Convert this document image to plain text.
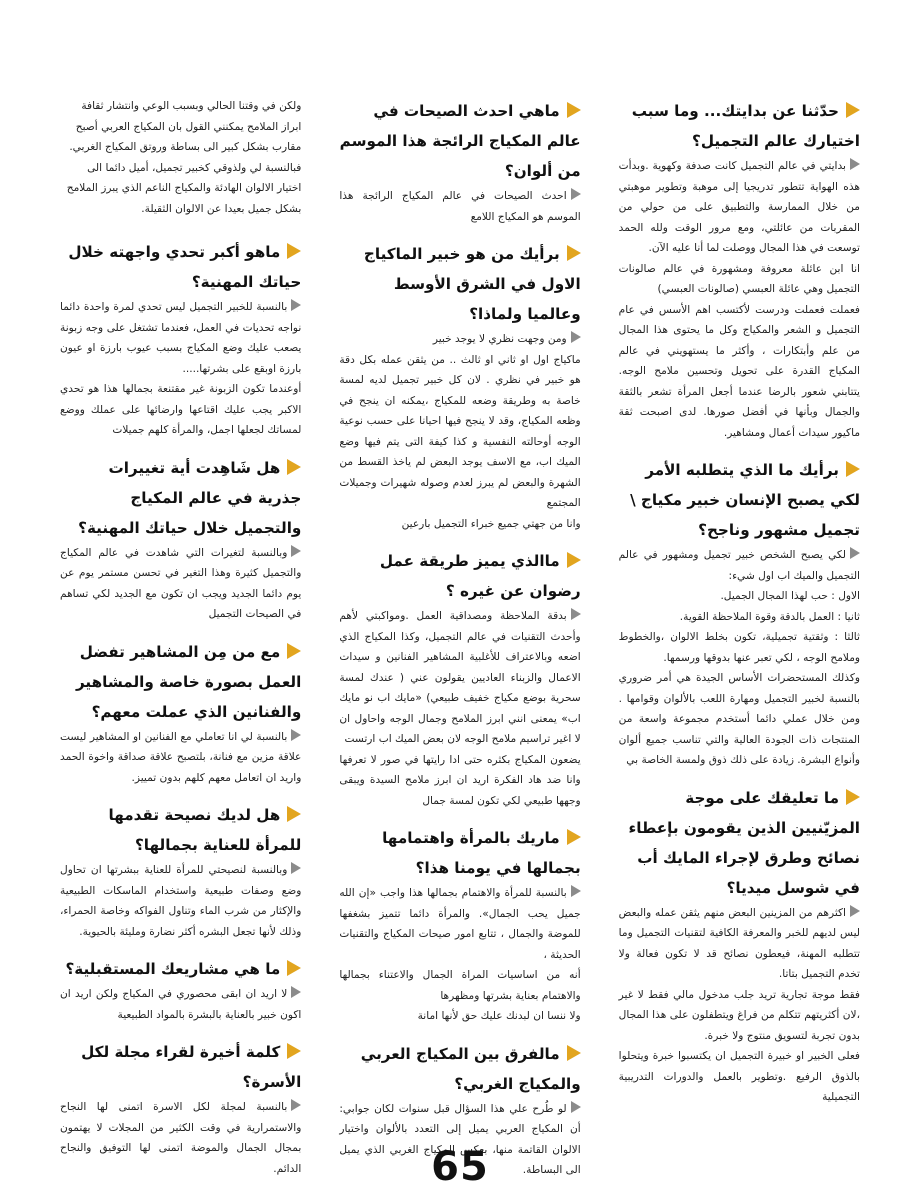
حدّثنا عن بدايتك... وما سبب اختيارك عالم التجميل؟

بدايتي في عالم التجميل كانت صدفة وكهوية .وبدأت هذه الهواية تتطور تدريجيا إلى موهبة وتطوير موهبتي من خلال الممارسة والتطبيق على من حولي من المقربات من عائلتي، ومع مرور الوقت ولله الحمد توسعت في هذا المجال ووصلت لما أنا عليه الآن.
انا ابن عائلة معروفة ومشهورة في عالم صالونات التجميل وهي عائلة العبسي (صالونات العبسي)
فعملت فعملت ودرست لأكتسب اهم الأسس في عام التجميل و الشعر والمكياج وكل ما يحتوى هذا المجال من علم وأبتكارات ، وأكثر ما يستهويني في عالم المكياج القدرة على تحويل وتحسين ملامح الوجه. يتتابني شعور بالرضا عندما أجعل المرأة تشعر بالثقة والجمال وبأنها في أفضل صورها. لدى اصبحت ثقة ماكيور سيدات أعمال ومشاهير.

برأيك ما الذي يتطلبه الأمر لكي يصبح الإنسان خبير مكياج \ تجميل مشهور وناجح؟

لكي يصبح الشخص خبير تجميل ومشهور في عالم التجميل والميك اب اول شيء:
الاول : حب لهذا المجال الجميل.
ثانيا : العمل بالدقة وقوة الملاحظة القوية.
ثالثا : وثقتية تجميلية، تكون بخلط الالوان ،والخطوط وملامح الوجه ، لكي تعبر عنها بدوقها ورسمها.
وكذلك المستحضرات الأساس الجيدة هي أمر ضروري بالنسبة لخبير التجميل ومهارة اللعب بالألوان وقوامها . ومن خلال عملي دائما أستخدم مجموعة واسعة من المنتجات ذات الجودة العالية والتي تناسب جميع ألوان وأنواع البشرة. زيادة على ذلك ذوق ولمسة الخاصة بي

ما تعليقك على موجة المزيّنيين الذين يقومون بإعطاء نصائح وطرق لإجراء المايك أب في شوسل ميديا؟

اكثرهم من المزينين البعض منهم يثقن عمله والبعض ليس لديهم للخبر والمعرفة الكافية لتقنيات التجميل وما تتطلبه المهنة، فيعطون نصائح قد لا تكون فعالة ولا تخدم التجميل بتاتا.
فقط موجة تجارية تريد جلب مدخول مالي فقط لا غير ،لان أكثريتهم تتكلم من فراغ ويتطفلون على هذا المجال بدون تجربة لتسويق منتوج ولا خبرة.
فعلى الخبير او خبيرة التجميل ان يكتسبوا خبرة ويتحلوا بالذوق الرفيع .وتطوير بالعمل والدورات التدريبية التجميلية

ماهي احدث الصيحات في عالم المكياج الرائجة هذا الموسم من ألوان؟

احدث الصيحات في عالم المكياج الرائجة هذا الموسم هو المكياج اللامع

برأيك من هو خبير الماكياج الاول في الشرق الأوسط وعالميا ولماذا؟

ومن وجهت نظري لا يوجد خبير
ماكياج اول او ثاني او ثالث .. من يثقن عمله بكل دقة هو خبير في نظري . لان كل خبير تجميل لديه لمسة خاصة به وطريقة وضعه للمكياج ،يمكنه ان ينجح في وظعه المكياج، وقد لا ينجح فيها احيانا على حسب نوعية الوجه أوحالته النفسية و كذا كيفة التى يتم فيها وضع الميك اب، مع الاسف يوجد البعض لم ياخذ القسط من الشهرة والبعض لم يبرز لعدم وصوله شهيرات وجميلات المجتمع
وانا من جهتي جميع خبراء التجميل بارعين

ماالذي يميز طريقة عمل رضوان عن غيره ؟

بدقة الملاحظة ومصداقية العمل .ومواكبتي لأهم وأحدث التقنيات في عالم التجميل، وكذا المكياج الذي اضعه وبالاعتراف للأغلبية المشاهير الفنانين و سيدات الاعمال والزبناء العاديين يقولون عني ( عندك لمسة سحرية بوضع مكياج خفيف طبيعي) «مايك اب نو مايك اب» يمعنى انني ابرز الملامح وجمال الوجه واحاول ان لا اغير تراسيم ملامح الوجه لان بعض الميك اب ارتست
يضعون المكياج بكثره حتى ادا رايتها في صور لا تعرفها وانا ضد هاد الفكرة اريد ان ابرز ملامح السيدة ويبقى وجهها طبيعي لكي تكون لمسة جمال

ماريك بالمرأة واهتمامها بجمالها في يومنا هذا؟

بالنسبة للمرأة والاهتمام بجمالها هذا واجب «إن الله جميل يحب الجمال». والمرأة دائما تتميز بشغفها للموضة والجمال ، تتابع امور صيحات المكياج والتقنيات الحديثة ،
أنه من اساسيات المراة الجمال والاعتناء بجمالها والاهتمام بعناية بشرتها ومظهرها
ولا ننسا ان لبدنك عليك حق لأنها امانة

مالفرق بين المكياج العربي والمكياج الغربي؟

لو طُرح علي هذا السؤال قبل سنوات لكان جوابي: أن المكياج العربي يميل إلى التعدد بالألوان واختيار الالوان القاتمة منها، بعكس المكياج الغربي الذي يميل الى البساطة.

ولكن في وقتنا الحالي وبسبب الوعي وانتشار ثقافة ابراز الملامح يمكنني القول بان المكياج العربي أصبح مقارب بشكل كبير الى بساطة وروتق المكياج الغربي. فبالنسبة لي ولذوقي كخبير تجميل، أميل دائما الى اختيار الالوان الهادئة والمكياج الناعم الذي يبرز الملامح بشكل جميل بعيدا عن الالوان الثقيلة.

ماهو أكبر تحدي واجهته خلال حياتك المهنية؟

بالنسبة للخبير التجميل ليس تحدي لمرة واحدة دائما نواجه تحديات في العمل، فعندما تشتغل على وجه زبونة يصعب عليك وضع المكياج بسبب عيوب بارزة او عيون بارزة اوبقع على بشرتها.....
أوعندما تكون الزبونة غير مقتنعة بجمالها هذا هو تحدي الاكبر يجب عليك اقتاعها وارضائها على عملك ووضع لمساتك لجعلها اجمل، والمرأة كلهم جميلات

هل شَاهِدت أية تغييرات جذرية في عالم المكياج والتجميل خلال حياتك المهنية؟

وبالنسبة لتغيرات التي شاهدت في عالم المكياج والتجميل كثيرة وهذا التغير في تحسن مستمر يوم عن يوم دائما الجديد ويجب ان تكون مع الجديد لكي تساهم في الصيحات التجميل

مع من مِن المشاهير تفضل العمل بصورة خاصة والمشاهير والفنانين الذي عملت معهم؟

بالنسبة لي انا تعاملي مع الفنانين او المشاهير ليست علاقة مزين مع فنانة، بلتصبح علاقة صداقة واخوة الحمد واريد ان اتعامل معهم كلهم بدون تمييز.

هل لديك نصيحة تقدمها للمرأة للعناية بجمالها؟

وبالنسبة لنصيحتي للمرأة للعناية ببشرتها ان تحاول وضع وصفات طبيعية واستخدام الماسكات الطبيعية والإكثار من شرب الماء وتناول الفواكه وخاصة الحمراء، وذلك لأنها تجعل البشره أكثر نضارة ومليئة بالحيوية.

ما هي مشاريعك المستقبلية؟

لا اريد ان ابقى محصوري في المكياج ولكن اريد ان اكون خبير بالعناية بالبشرة بالمواد الطبيعية

كلمة أخيرة لقراء مجلة لكل الأسرة؟

بالنسبة لمجلة لكل الاسرة اتمنى لها النجاح والاستمرارية في وقت الكثير من المجلات لا يهتمون بمجال الجمال والموضة اتمنى لها التوفيق والنجاح الدائم.	65
